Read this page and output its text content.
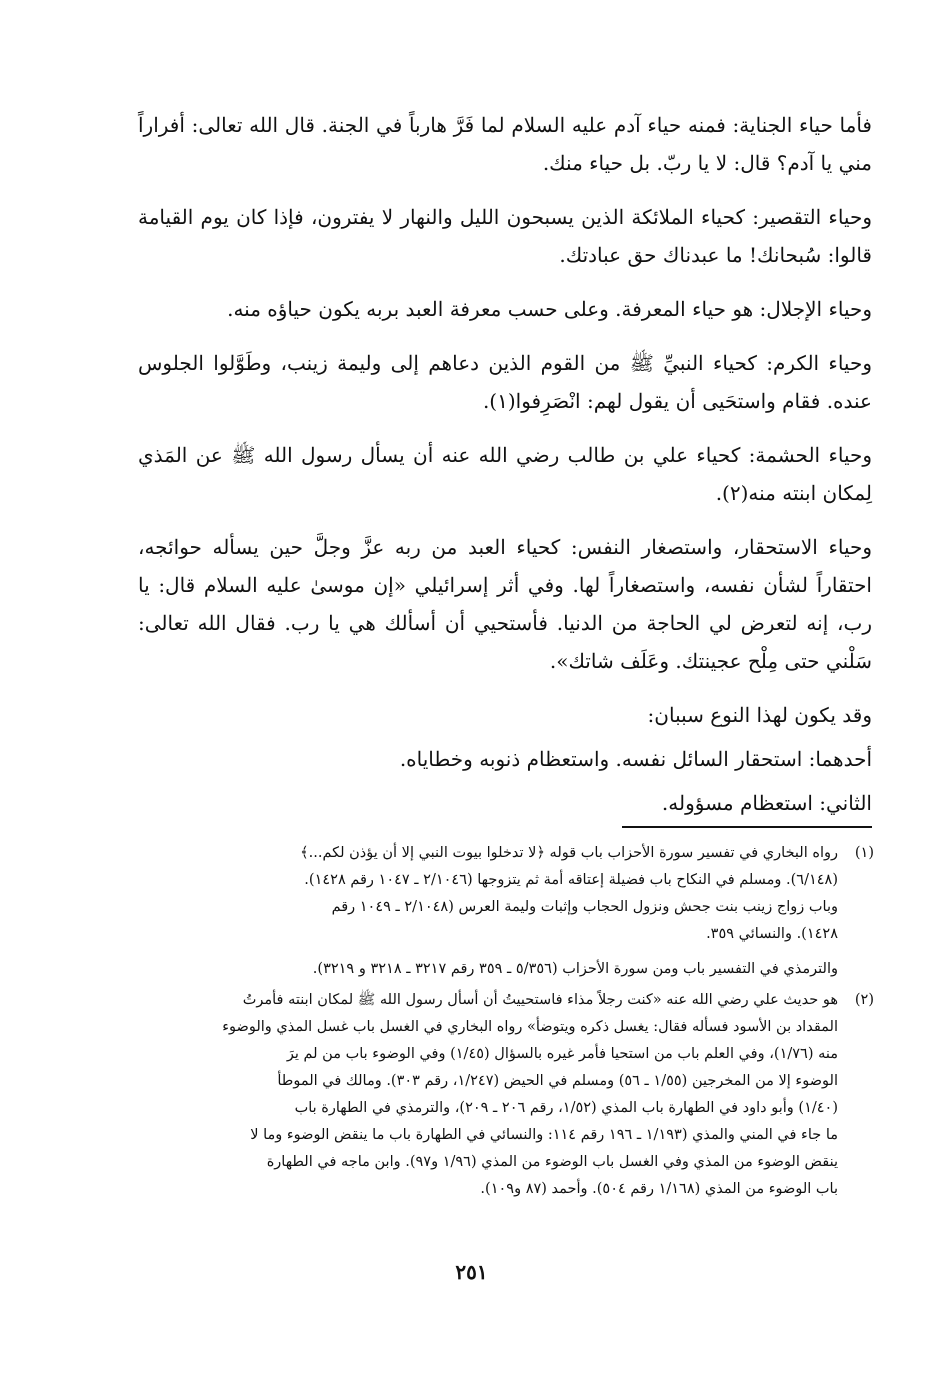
فأما حياء الجناية: فمنه حياء آدم عليه السلام لما فَرَّ هارباً في الجنة. قال الله تعالى: أفراراً مني يا آدم؟ قال: لا يا ربّ. بل حياء منك.

وحياء التقصير: كحياء الملائكة الذين يسبحون الليل والنهار لا يفترون، فإذا كان يوم القيامة قالوا: سُبحانك! ما عبدناك حق عبادتك.

وحياء الإجلال: هو حياء المعرفة. وعلى حسب معرفة العبد بربه يكون حياؤه منه.

وحياء الكرم: كحياء النبيِّ ﷺ من القوم الذين دعاهم إلى وليمة زينب، وطَوَّلوا الجلوس عنده. فقام واستحَيى أن يقول لهم: انْصَرِفوا(١).

وحياء الحشمة: كحياء علي بن طالب رضي الله عنه أن يسأل رسول الله ﷺ عن المَذي لِمكان ابنته منه(٢).

وحياء الاستحقار، واستصغار النفس: كحياء العبد من ربه عزَّ وجلَّ حين يسأله حوائجه، احتقاراً لشأن نفسه، واستصغاراً لها. وفي أثر إسرائيلي «إن موسىٰ عليه السلام قال: يا رب، إنه لتعرض لي الحاجة من الدنيا. فأستحيي أن أسألك هي يا رب. فقال الله تعالى: سَلْني حتى مِلْح عجينتك. وعَلَف شاتك».

وقد يكون لهذا النوع سببان:

أحدهما: استحقار السائل نفسه. واستعظام ذنوبه وخطاياه.

الثاني: استعظام مسؤوله.

(١)
رواه البخاري في تفسير سورة الأحزاب باب قوله ﴿لا تدخلوا بيوت النبي إلا أن يؤذن لكم...﴾
(٦/١٤٨). ومسلم في النكاح باب فضيلة إعتاقه أمة ثم يتزوجها (٢/١٠٤٦ ـ ١٠٤٧ رقم ١٤٢٨).
وباب زواج زينب بنت جحش ونزول الحجاب وإثبات وليمة العرس (٢/١٠٤٨ ـ ١٠٤٩ رقم
١٤٢٨). والنسائي ٣٥٩.
والترمذي في التفسير باب ومن سورة الأحزاب (٥/٣٥٦ ـ ٣٥٩ رقم ٣٢١٧ ـ ٣٢١٨ و ٣٢١٩).
(٢)
هو حديث علي رضي الله عنه «كنت رجلاً مذاء فاستحييتُ أن أسأل رسول الله ﷺ لمكان ابنته فأمرتُ
المقداد بن الأسود فسأله فقال: يغسل ذكره ويتوضأ» رواه البخاري في الغسل باب غسل المذي والوضوء
منه (١/٧٦)، وفي العلم باب من استحيا فأمر غيره بالسؤال (١/٤٥) وفي الوضوء باب من لم يرَ
الوضوء إلا من المخرجين (١/٥٥ ـ ٥٦) ومسلم في الحيض (١/٢٤٧، رقم ٣٠٣). ومالك في الموطأ
(١/٤٠) وأبو داود في الطهارة باب المذي (١/٥٢، رقم ٢٠٦ ـ ٢٠٩)، والترمذي في الطهارة باب
ما جاء في المني والمذي (١/١٩٣ ـ ١٩٦ رقم ١١٤: والنسائي في الطهارة باب ما ينقض الوضوء وما لا
ينقض الوضوء من المذي وفي الغسل باب الوضوء من المذي (١/٩٦ و٩٧). وابن ماجه في الطهارة
باب الوضوء من المذي (١/١٦٨ رقم ٥٠٤). وأحمد (٨٧ و١٠٩).
٢٥١
